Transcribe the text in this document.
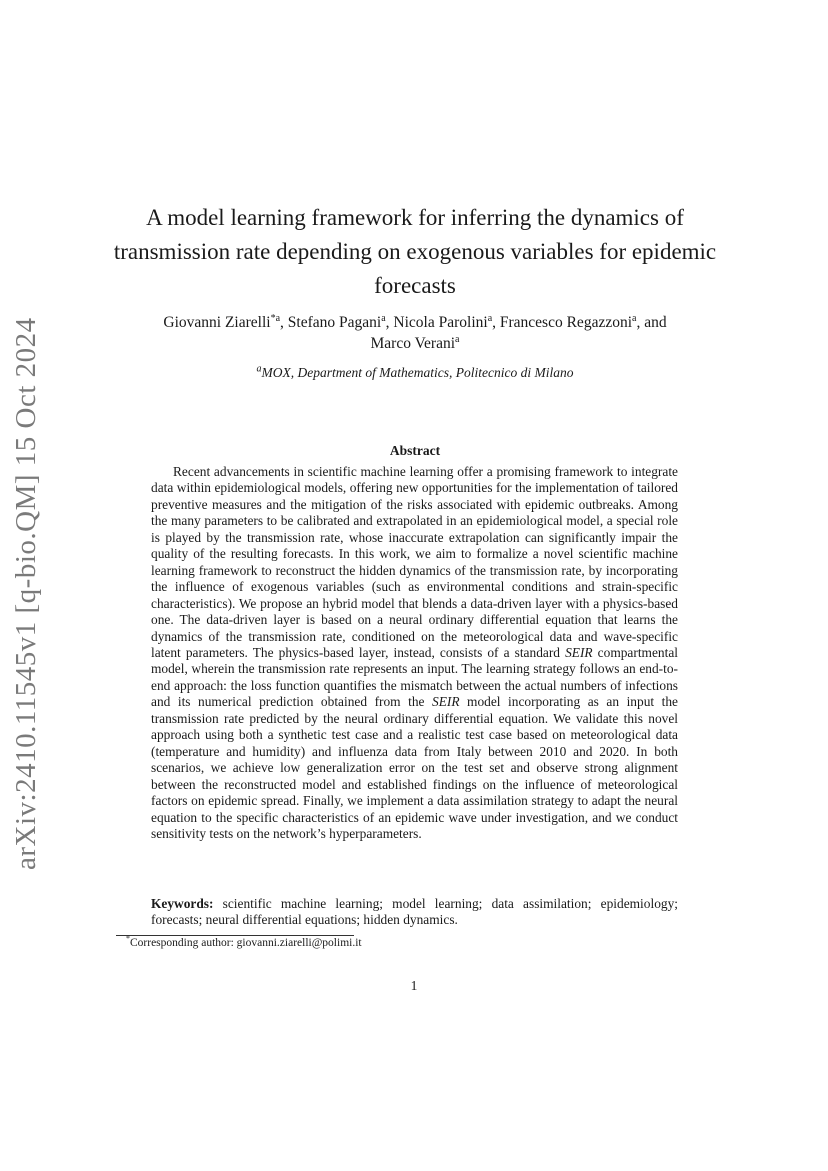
arXiv:2410.11545v1 [q-bio.QM] 15 Oct 2024
A model learning framework for inferring the dynamics of transmission rate depending on exogenous variables for epidemic forecasts
Giovanni Ziarelli$^{*a}$, Stefano Pagani$^a$, Nicola Parolini$^a$, Francesco Regazzoni$^a$, and
Marco Verani$^a$
$^a$MOX, Department of Mathematics, Politecnico di Milano
Abstract

Recent advancements in scientific machine learning offer a promising framework to integrate data within epidemiological models, offering new opportunities for the implementation of tailored preventive measures and the mitigation of the risks associated with epidemic outbreaks. Among the many parameters to be calibrated and extrapolated in an epidemiological model, a special role is played by the transmission rate, whose inaccurate extrapolation can significantly impair the quality of the resulting forecasts. In this work, we aim to formalize a novel scientific machine learning framework to reconstruct the hidden dynamics of the transmission rate, by incorporating the influence of exogenous variables (such as environmental conditions and strain-specific characteristics). We propose an hybrid model that blends a data-driven layer with a physics-based one. The data-driven layer is based on a neural ordinary differential equation that learns the dynamics of the transmission rate, conditioned on the meteorological data and wave-specific latent parameters. The physics-based layer, instead, consists of a standard SEIR compartmental model, wherein the transmission rate represents an input. The learning strategy follows an end-to-end approach: the loss function quantifies the mismatch between the actual numbers of infections and its numerical prediction obtained from the SEIR model incorporating as an input the transmission rate predicted by the neural ordinary differential equation. We validate this novel approach using both a synthetic test case and a realistic test case based on meteorological data (temperature and humidity) and influenza data from Italy between 2010 and 2020. In both scenarios, we achieve low generalization error on the test set and observe strong alignment between the reconstructed model and established findings on the influence of meteorological factors on epidemic spread. Finally, we implement a data assimilation strategy to adapt the neural equation to the specific characteristics of an epidemic wave under investigation, and we conduct sensitivity tests on the network’s hyperparameters.

Keywords: scientific machine learning; model learning; data assimilation; epidemiology; forecasts; neural differential equations; hidden dynamics.
*Corresponding author: giovanni.ziarelli@polimi.it
1
